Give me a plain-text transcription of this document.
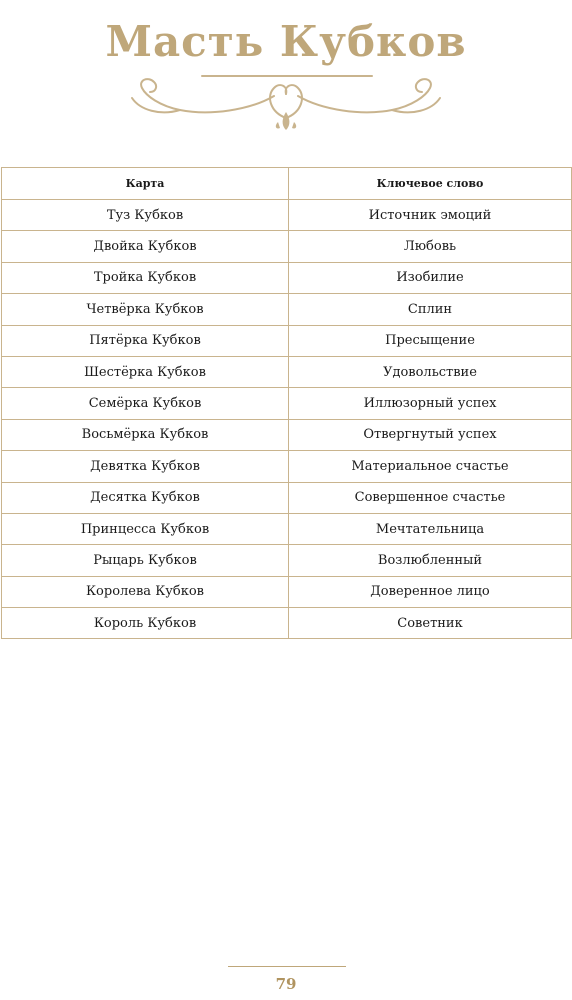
Масть Кубков
Карта	Ключевое слово
Туз Кубков	Источник эмоций
Двойка Кубков	Любовь
Тройка Кубков	Изобилие
Четвёрка Кубков	Сплин
Пятёрка Кубков	Пресыщение
Шестёрка Кубков	Удовольствие
Семёрка Кубков	Иллюзорный успех
Восьмёрка Кубков	Отвергнутый успех
Девятка Кубков	Материальное счастье
Десятка Кубков	Совершенное счастье
Принцесса Кубков	Мечтательница
Рыцарь Кубков	Возлюбленный
Королева Кубков	Доверенное лицо
Король Кубков	Советник
79
